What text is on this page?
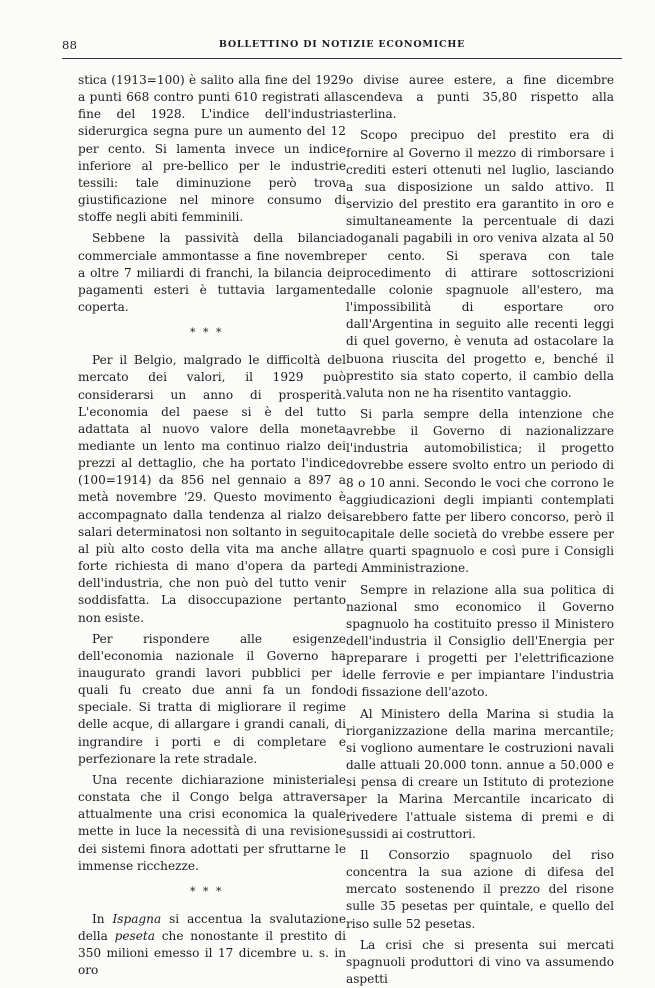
88	BOLLETTINO DI NOTIZIE ECONOMICHE

stica (1913=100) è salito alla fine del 1929 a punti 668 contro punti 610 registrati alla fine del 1928. L'indice dell'industria siderurgica segna pure un aumento del 12 per cento. Si lamenta invece un indice inferiore al pre-bellico per le industrie tessili: tale diminuzione però trova giustificazione nel minore consumo di stoffe negli abiti femminili.

Sebbene la passività della bilancia commerciale ammontasse a fine novembre a oltre 7 miliardi di franchi, la bilancia dei pagamenti esteri è tuttavia largamente coperta.

* * *

Per il Belgio, malgrado le difficoltà del mercato dei valori, il 1929 può considerarsi un anno di prosperità. L'economia del paese si è del tutto adattata al nuovo valore della moneta mediante un lento ma continuo rialzo dei prezzi al dettaglio, che ha portato l'indice (100=1914) da 856 nel gennaio a 897 a metà novembre '29. Questo movimento è accompagnato dalla tendenza al rialzo dei salari determinatosi non soltanto in seguito al più alto costo della vita ma anche alla forte richiesta di mano d'opera da parte dell'industria, che non può del tutto venir soddisfatta. La disoccupazione pertanto non esiste.

Per rispondere alle esigenze dell'economia nazionale il Governo ha inaugurato grandi lavori pubblici per i quali fu creato due anni fa un fondo speciale. Si tratta di migliorare il regime delle acque, di allargare i grandi canali, di ingrandire i porti e di completare e perfezionare la rete stradale.

Una recente dichiarazione ministeriale constata che il Congo belga attraversa attualmente una crisi economica la quale mette in luce la necessità di una revisione dei sistemi finora adottati per sfruttarne le immense ricchezze.

* * *

In Ispagna si accentua la svalutazione della peseta che nonostante il prestito di 350 milioni emesso il 17 dicembre u. s. in oro

o divise auree estere, a fine dicembre scendeva a punti 35,80 rispetto alla sterlina.

Scopo precipuo del prestito era di fornire al Governo il mezzo di rimborsare i crediti esteri ottenuti nel luglio, lasciando a sua disposizione un saldo attivo. Il servizio del prestito era garantito in oro e simultaneamente la percentuale di dazi doganali pagabili in oro veniva alzata al 50 per cento. Si sperava con tale procedimento di attirare sottoscrizioni dalle colonie spagnuole all'estero, ma l'impossibilità di esportare oro dall'Argentina in seguito alle recenti leggi di quel governo, è venuta ad ostacolare la buona riuscita del progetto e, benché il prestito sia stato coperto, il cambio della valuta non ne ha risentito vantaggio.

Si parla sempre della intenzione che avrebbe il Governo di nazionalizzare l'industria automobilistica; il progetto dovrebbe essere svolto entro un periodo di 8 o 10 anni. Secondo le voci che corrono le aggiudicazioni degli impianti contemplati sarebbero fatte per libero concorso, però il capitale delle società do vrebbe essere per tre quarti spagnuolo e così pure i Consigli di Amministrazione.

Sempre in relazione alla sua politica di nazional smo economico il Governo spagnuolo ha costituito presso il Ministero dell'industria il Consiglio dell'Energia per preparare i progetti per l'elettrificazione delle ferrovie e per impiantare l'industria di fissazione dell'azoto.

Al Ministero della Marina si studia la riorganizzazione della marina mercantile; si vogliono aumentare le costruzioni navali dalle attuali 20.000 tonn. annue a 50.000 e si pensa di creare un Istituto di protezione per la Marina Mercantile incaricato di rivedere l'attuale sistema di premi e di sussidi ai costruttori.

Il Consorzio spagnuolo del riso concentra la sua azione di difesa del mercato sostenendo il prezzo del risone sulle 35 pesetas per quintale, e quello del riso sulle 52 pesetas.

La crisi che si presenta sui mercati spagnuoli produttori di vino va assumendo aspetti
